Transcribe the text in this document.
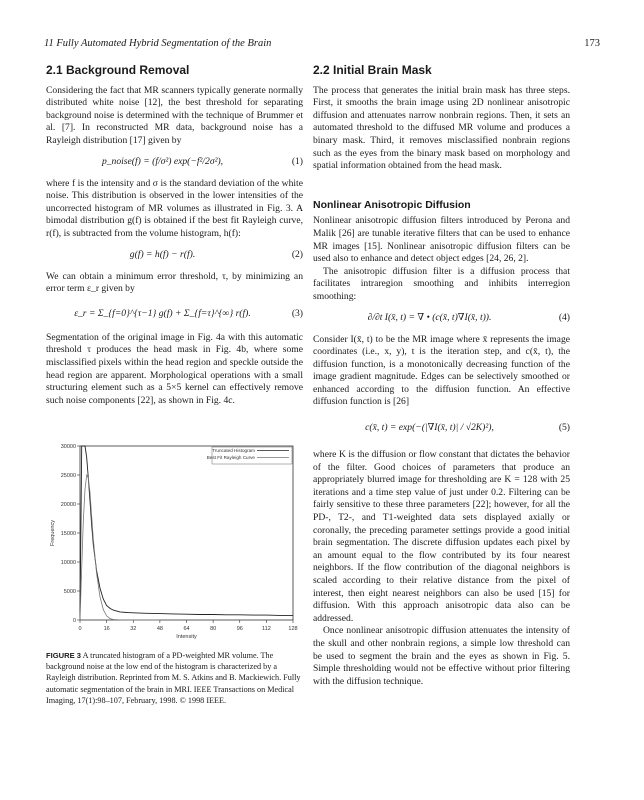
11 Fully Automated Hybrid Segmentation of the Brain	173
2.1 Background Removal

Considering the fact that MR scanners typically generate normally distributed white noise [12], the best threshold for separating background noise is determined with the technique of Brummer et al. [7]. In reconstructed MR data, background noise has a Rayleigh distribution [17] given by

p_noise(f) = (f/σ²) exp(−f²/2σ²),	(1)

where f is the intensity and σ is the standard deviation of the white noise. This distribution is observed in the lower intensities of the uncorrected histogram of MR volumes as illustrated in Fig. 3. A bimodal distribution g(f) is obtained if the best fit Rayleigh curve, r(f), is subtracted from the volume histogram, h(f):

g(f) = h(f) − r(f).	(2)

We can obtain a minimum error threshold, τ, by minimizing an error term ε_r given by

ε_r = Σ_{f=0}^{τ−1} g(f) + Σ_{f=τ}^{∞} r(f).	(3)

Segmentation of the original image in Fig. 4a with this automatic threshold τ produces the head mask in Fig. 4b, where some misclassified pixels within the head region and speckle outside the head region are apparent. Morphological operations with a small structuring element such as a 5×5 kernel can effectively remove such noise components [22], as shown in Fig. 4c.

0	16	32	48	64	80	96	112	128
0
5000
10000
15000
20000
25000
30000
Intensity
Frequency
Truncated Histogram
Best Fit Rayleigh Curve
FIGURE 3 A truncated histogram of a PD-weighted MR volume. The background noise at the low end of the histogram is characterized by a Rayleigh distribution. Reprinted from M. S. Atkins and B. Mackiewich. Fully automatic segmentation of the brain in MRI. IEEE Transactions on Medical Imaging, 17(1):98–107, February, 1998. © 1998 IEEE.
2.2 Initial Brain Mask

The process that generates the initial brain mask has three steps. First, it smooths the brain image using 2D nonlinear anisotropic diffusion and attenuates narrow nonbrain regions. Then, it sets an automated threshold to the diffused MR volume and produces a binary mask. Third, it removes misclassified nonbrain regions such as the eyes from the binary mask based on morphology and spatial information obtained from the head mask.

Nonlinear Anisotropic Diffusion

Nonlinear anisotropic diffusion filters introduced by Perona and Malik [26] are tunable iterative filters that can be used to enhance MR images [15]. Nonlinear anisotropic diffusion filters can be used also to enhance and detect object edges [24, 26, 2].

The anisotropic diffusion filter is a diffusion process that facilitates intraregion smoothing and inhibits interregion smoothing:

∂/∂t I(x̄, t) = ∇ • (c(x̄, t)∇I(x̄, t)).	(4)

Consider I(x̄, t) to be the MR image where x̄ represents the image coordinates (i.e., x, y), t is the iteration step, and c(x̄, t), the diffusion function, is a monotonically decreasing function of the image gradient magnitude. Edges can be selectively smoothed or enhanced according to the diffusion function. An effective diffusion function is [26]

c(x̄, t) = exp(−(|∇I(x̄, t)| / √2K)²),	(5)

where K is the diffusion or flow constant that dictates the behavior of the filter. Good choices of parameters that produce an appropriately blurred image for thresholding are K = 128 with 25 iterations and a time step value of just under 0.2. Filtering can be fairly sensitive to these three parameters [22]; however, for all the PD-, T2-, and T1-weighted data sets displayed axially or coronally, the preceding parameter settings provide a good initial brain segmentation. The discrete diffusion updates each pixel by an amount equal to the flow contributed by its four nearest neighbors. If the flow contribution of the diagonal neighbors is scaled according to their relative distance from the pixel of interest, then eight nearest neighbors can also be used [15] for diffusion. With this approach anisotropic data also can be addressed.

Once nonlinear anisotropic diffusion attenuates the intensity of the skull and other nonbrain regions, a simple low threshold can be used to segment the brain and the eyes as shown in Fig. 5. Simple thresholding would not be effective without prior filtering with the diffusion technique.
